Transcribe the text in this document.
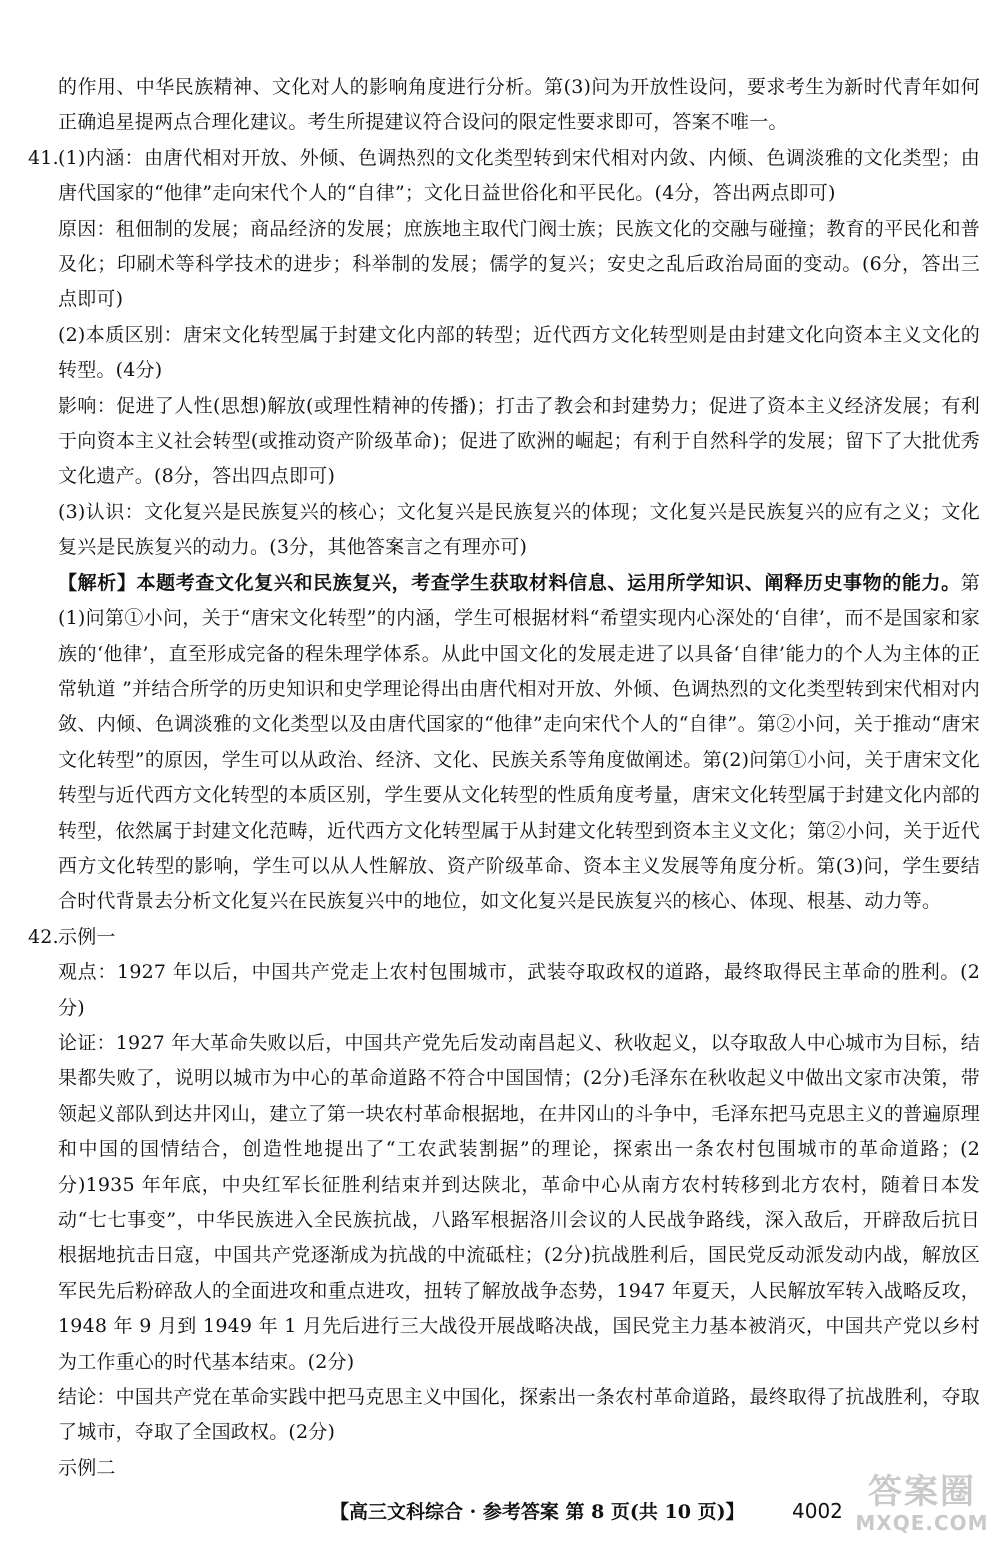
的作用、中华民族精神、文化对人的影响角度进行分析。第(3)问为开放性设问，要求考生为新时代青年如何正确追星提两点合理化建议。考生所提建议符合设问的限定性要求即可，答案不唯一。

41.(1)内涵：由唐代相对开放、外倾、色调热烈的文化类型转到宋代相对内敛、内倾、色调淡雅的文化类型；由唐代国家的“他律”走向宋代个人的“自律”；文化日益世俗化和平民化。(4分，答出两点即可)

原因：租佃制的发展；商品经济的发展；庶族地主取代门阀士族；民族文化的交融与碰撞；教育的平民化和普及化；印刷术等科学技术的进步；科举制的发展；儒学的复兴；安史之乱后政治局面的变动。(6分，答出三点即可)

(2)本质区别：唐宋文化转型属于封建文化内部的转型；近代西方文化转型则是由封建文化向资本主义文化的转型。(4分)

影响：促进了人性(思想)解放(或理性精神的传播)；打击了教会和封建势力；促进了资本主义经济发展；有利于向资本主义社会转型(或推动资产阶级革命)；促进了欧洲的崛起；有利于自然科学的发展；留下了大批优秀文化遗产。(8分，答出四点即可)

(3)认识：文化复兴是民族复兴的核心；文化复兴是民族复兴的体现；文化复兴是民族复兴的应有之义；文化复兴是民族复兴的动力。(3分，其他答案言之有理亦可)

【解析】本题考查文化复兴和民族复兴，考查学生获取材料信息、运用所学知识、阐释历史事物的能力。第(1)问第①小问，关于“唐宋文化转型”的内涵，学生可根据材料“希望实现内心深处的‘自律’，而不是国家和家族的‘他律’，直至形成完备的程朱理学体系。从此中国文化的发展走进了以具备‘自律’能力的个人为主体的正常轨道 ”并结合所学的历史知识和史学理论得出由唐代相对开放、外倾、色调热烈的文化类型转到宋代相对内敛、内倾、色调淡雅的文化类型以及由唐代国家的“他律”走向宋代个人的“自律”。第②小问，关于推动“唐宋文化转型”的原因，学生可以从政治、经济、文化、民族关系等角度做阐述。第(2)问第①小问，关于唐宋文化转型与近代西方文化转型的本质区别，学生要从文化转型的性质角度考量，唐宋文化转型属于封建文化内部的转型，依然属于封建文化范畴，近代西方文化转型属于从封建文化转型到资本主义文化；第②小问，关于近代西方文化转型的影响，学生可以从人性解放、资产阶级革命、资本主义发展等角度分析。第(3)问，学生要结合时代背景去分析文化复兴在民族复兴中的地位，如文化复兴是民族复兴的核心、体现、根基、动力等。

42.示例一

观点：1927 年以后，中国共产党走上农村包围城市，武装夺取政权的道路，最终取得民主革命的胜利。(2分)

论证：1927 年大革命失败以后，中国共产党先后发动南昌起义、秋收起义，以夺取敌人中心城市为目标，结果都失败了，说明以城市为中心的革命道路不符合中国国情；(2分)毛泽东在秋收起义中做出文家市决策，带领起义部队到达井冈山，建立了第一块农村革命根据地，在井冈山的斗争中，毛泽东把马克思主义的普遍原理和中国的国情结合，创造性地提出了“工农武装割据”的理论，探索出一条农村包围城市的革命道路；(2分)1935 年年底，中央红军长征胜利结束并到达陕北，革命中心从南方农村转移到北方农村，随着日本发动“七七事变”，中华民族进入全民族抗战，八路军根据洛川会议的人民战争路线，深入敌后，开辟敌后抗日根据地抗击日寇，中国共产党逐渐成为抗战的中流砥柱；(2分)抗战胜利后，国民党反动派发动内战，解放区军民先后粉碎敌人的全面进攻和重点进攻，扭转了解放战争态势，1947 年夏天，人民解放军转入战略反攻，1948 年 9 月到 1949 年 1 月先后进行三大战役开展战略决战，国民党主力基本被消灭，中国共产党以乡村为工作重心的时代基本结束。(2分)

结论：中国共产党在革命实践中把马克思主义中国化，探索出一条农村革命道路，最终取得了抗战胜利，夺取了城市，夺取了全国政权。(2分)

示例二

【高三文科综合 · 参考答案 第 8 页(共 10 页)】 4002 答案圈
MXQE.COM
